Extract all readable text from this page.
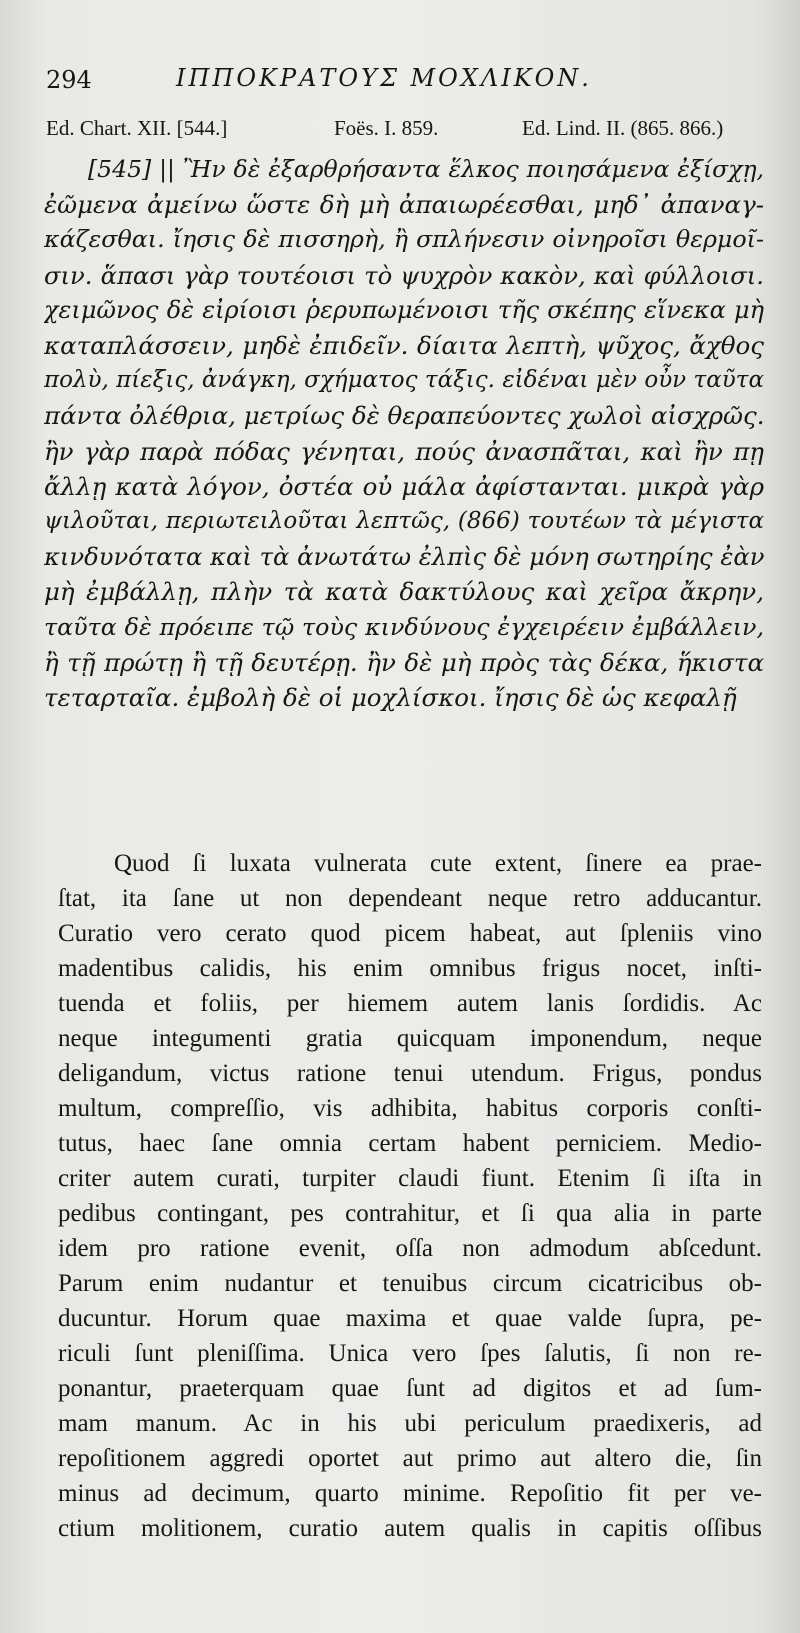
294	ΙΠΠΟΚΡΑΤΟΥΣ ΜΟΧΛΙΚΟΝ.
Ed. Chart. XII. [544.]	Foës. I. 859.	Ed. Lind. II. (865. 866.)
[545] || Ἢν δὲ ἐξαρθρήσαντα ἕλκος ποιησάμενα ἐξίσχῃ,
ἐῶμενα ἀμείνω ὥστε δὴ μὴ ἀπαιωρέεσθαι, μηδ᾽ ἀπαναγ-
κάζεσθαι. ἴησις δὲ πισσηρὴ, ἢ σπλήνεσιν οἰνηροῖσι θερμοῖ-
σιν. ἅπασι γὰρ τουτέοισι τὸ ψυχρὸν κακὸν, καὶ φύλλοισι.
χειμῶνος δὲ εἰρίοισι ῥερυπωμένοισι τῆς σκέπης εἵνεκα μὴ
καταπλάσσειν, μηδὲ ἐπιδεῖν. δίαιτα λεπτὴ, ψῦχος, ἄχθος
πολὺ, πίεξις, ἀνάγκη, σχήματος τάξις. εἰδέναι μὲν οὖν ταῦτα
πάντα ὀλέθρια, μετρίως δὲ θεραπεύοντες χωλοὶ αἰσχρῶς.
ἢν γὰρ παρὰ πόδας γένηται, πούς ἀνασπᾶται, καὶ ἢν πῃ
ἄλλῃ κατὰ λόγον, ὀστέα οὐ μάλα ἀφίστανται. μικρὰ γὰρ
ψιλοῦται, περιωτειλοῦται λεπτῶς, (866) τουτέων τὰ μέγιστα
κινδυνότατα καὶ τὰ ἀνωτάτω ἐλπὶς δὲ μόνη σωτηρίης ἐὰν
μὴ ἐμβάλλῃ, πλὴν τὰ κατὰ δακτύλους καὶ χεῖρα ἄκρην,
ταῦτα δὲ πρόειπε τῷ τοὺς κινδύνους ἐγχειρέειν ἐμβάλλειν,
ἢ τῇ πρώτῃ ἢ τῇ δευτέρῃ. ἢν δὲ μὴ πρὸς τὰς δέκα, ἥκιστα
τεταρταῖα. ἐμβολὴ δὲ οἱ μοχλίσκοι. ἴησις δὲ ὡς κεφαλῇ
Quod ſi luxata vulnerata cute extent, ſinere ea prae-
ſtat, ita ſane ut non dependeant neque retro adducantur.
Curatio vero cerato quod picem habeat, aut ſpleniis vino
madentibus calidis, his enim omnibus frigus nocet, inſti-
tuenda et foliis, per hiemem autem lanis ſordidis. Ac
neque integumenti gratia quicquam imponendum, neque
deligandum, victus ratione tenui utendum. Frigus, pondus
multum, compreſſio, vis adhibita, habitus corporis conſti-
tutus, haec ſane omnia certam habent perniciem. Medio-
criter autem curati, turpiter claudi fiunt. Etenim ſi iſta in
pedibus contingant, pes contrahitur, et ſi qua alia in parte
idem pro ratione evenit, oſſa non admodum abſcedunt.
Parum enim nudantur et tenuibus circum cicatricibus ob-
ducuntur. Horum quae maxima et quae valde ſupra, pe-
riculi ſunt pleniſſima. Unica vero ſpes ſalutis, ſi non re-
ponantur, praeterquam quae ſunt ad digitos et ad ſum-
mam manum. Ac in his ubi periculum praedixeris, ad
repoſitionem aggredi oportet aut primo aut altero die, ſin
minus ad decimum, quarto minime. Repoſitio fit per ve-
ctium molitionem, curatio autem qualis in capitis oſſibus
